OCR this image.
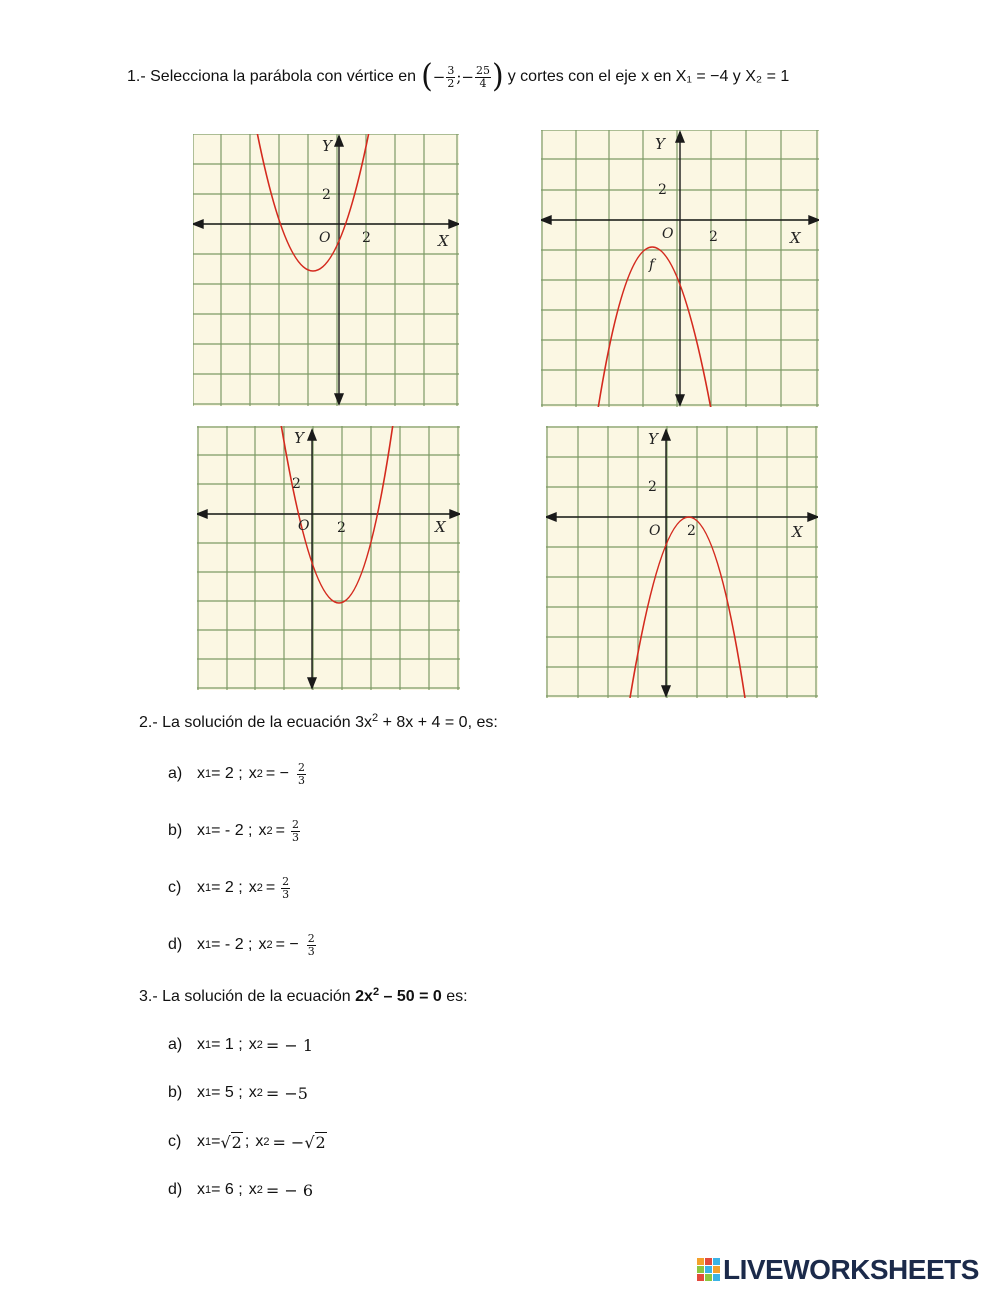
1.- Selecciona la parábola con vértice en ( − $\frac{3}{2}$ ; − $\frac{25}{4}$ ) y cortes con el eje x en X₁ = −4 y X₂ = 1
Y
X
O
2
2
Y
X
O
2
2
f
Y
X
O
2
2
Y
X
O
2
2
2.- La solución de la ecuación $3x^2 + 8x + 4 = 0$, es:
a) x 1 = 2 ; x 2 = − $\frac{2}{3}$
b) x 1 = - 2 ; x $2 = \frac{2}{3}$
c) x 1 = 2 ; x $2 = \frac{2}{3}$
d) x 1 = - 2 ; x 2 = − $\frac{2}{3}$
3.- La solución de la ecuación $2x^2 - 50 = 0$ es:
a) x 1 = 1 ; x 2 = − 1
b) x 1 = 5 ; x 2 = −5
c) x 1 = √2 ; x 2 = − √2
d) x 1 = 6 ; x 2 = − 6
LIVEWORKSHEETS
